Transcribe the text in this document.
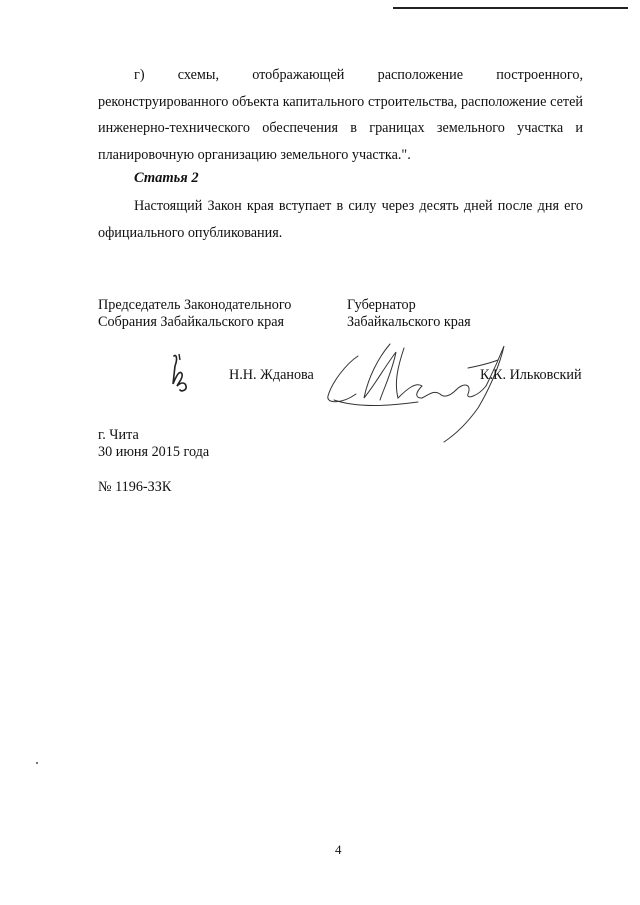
г) схемы, отображающей расположение построенного, реконструированного объекта капитального строительства, расположение сетей инженерно-технического обеспечения в границах земельного участка и планировочную организацию земельного участка.".

Статья 2

Настоящий Закон края вступает в силу через десять дней после дня его официального опубликования.

Председатель Законодательного
Собрания Забайкальского края
Губернатор
Забайкальского края
Н.Н. Жданова	К.К. Ильковский
г. Чита
30 июня 2015 года
№ 1196-ЗЗК
4
